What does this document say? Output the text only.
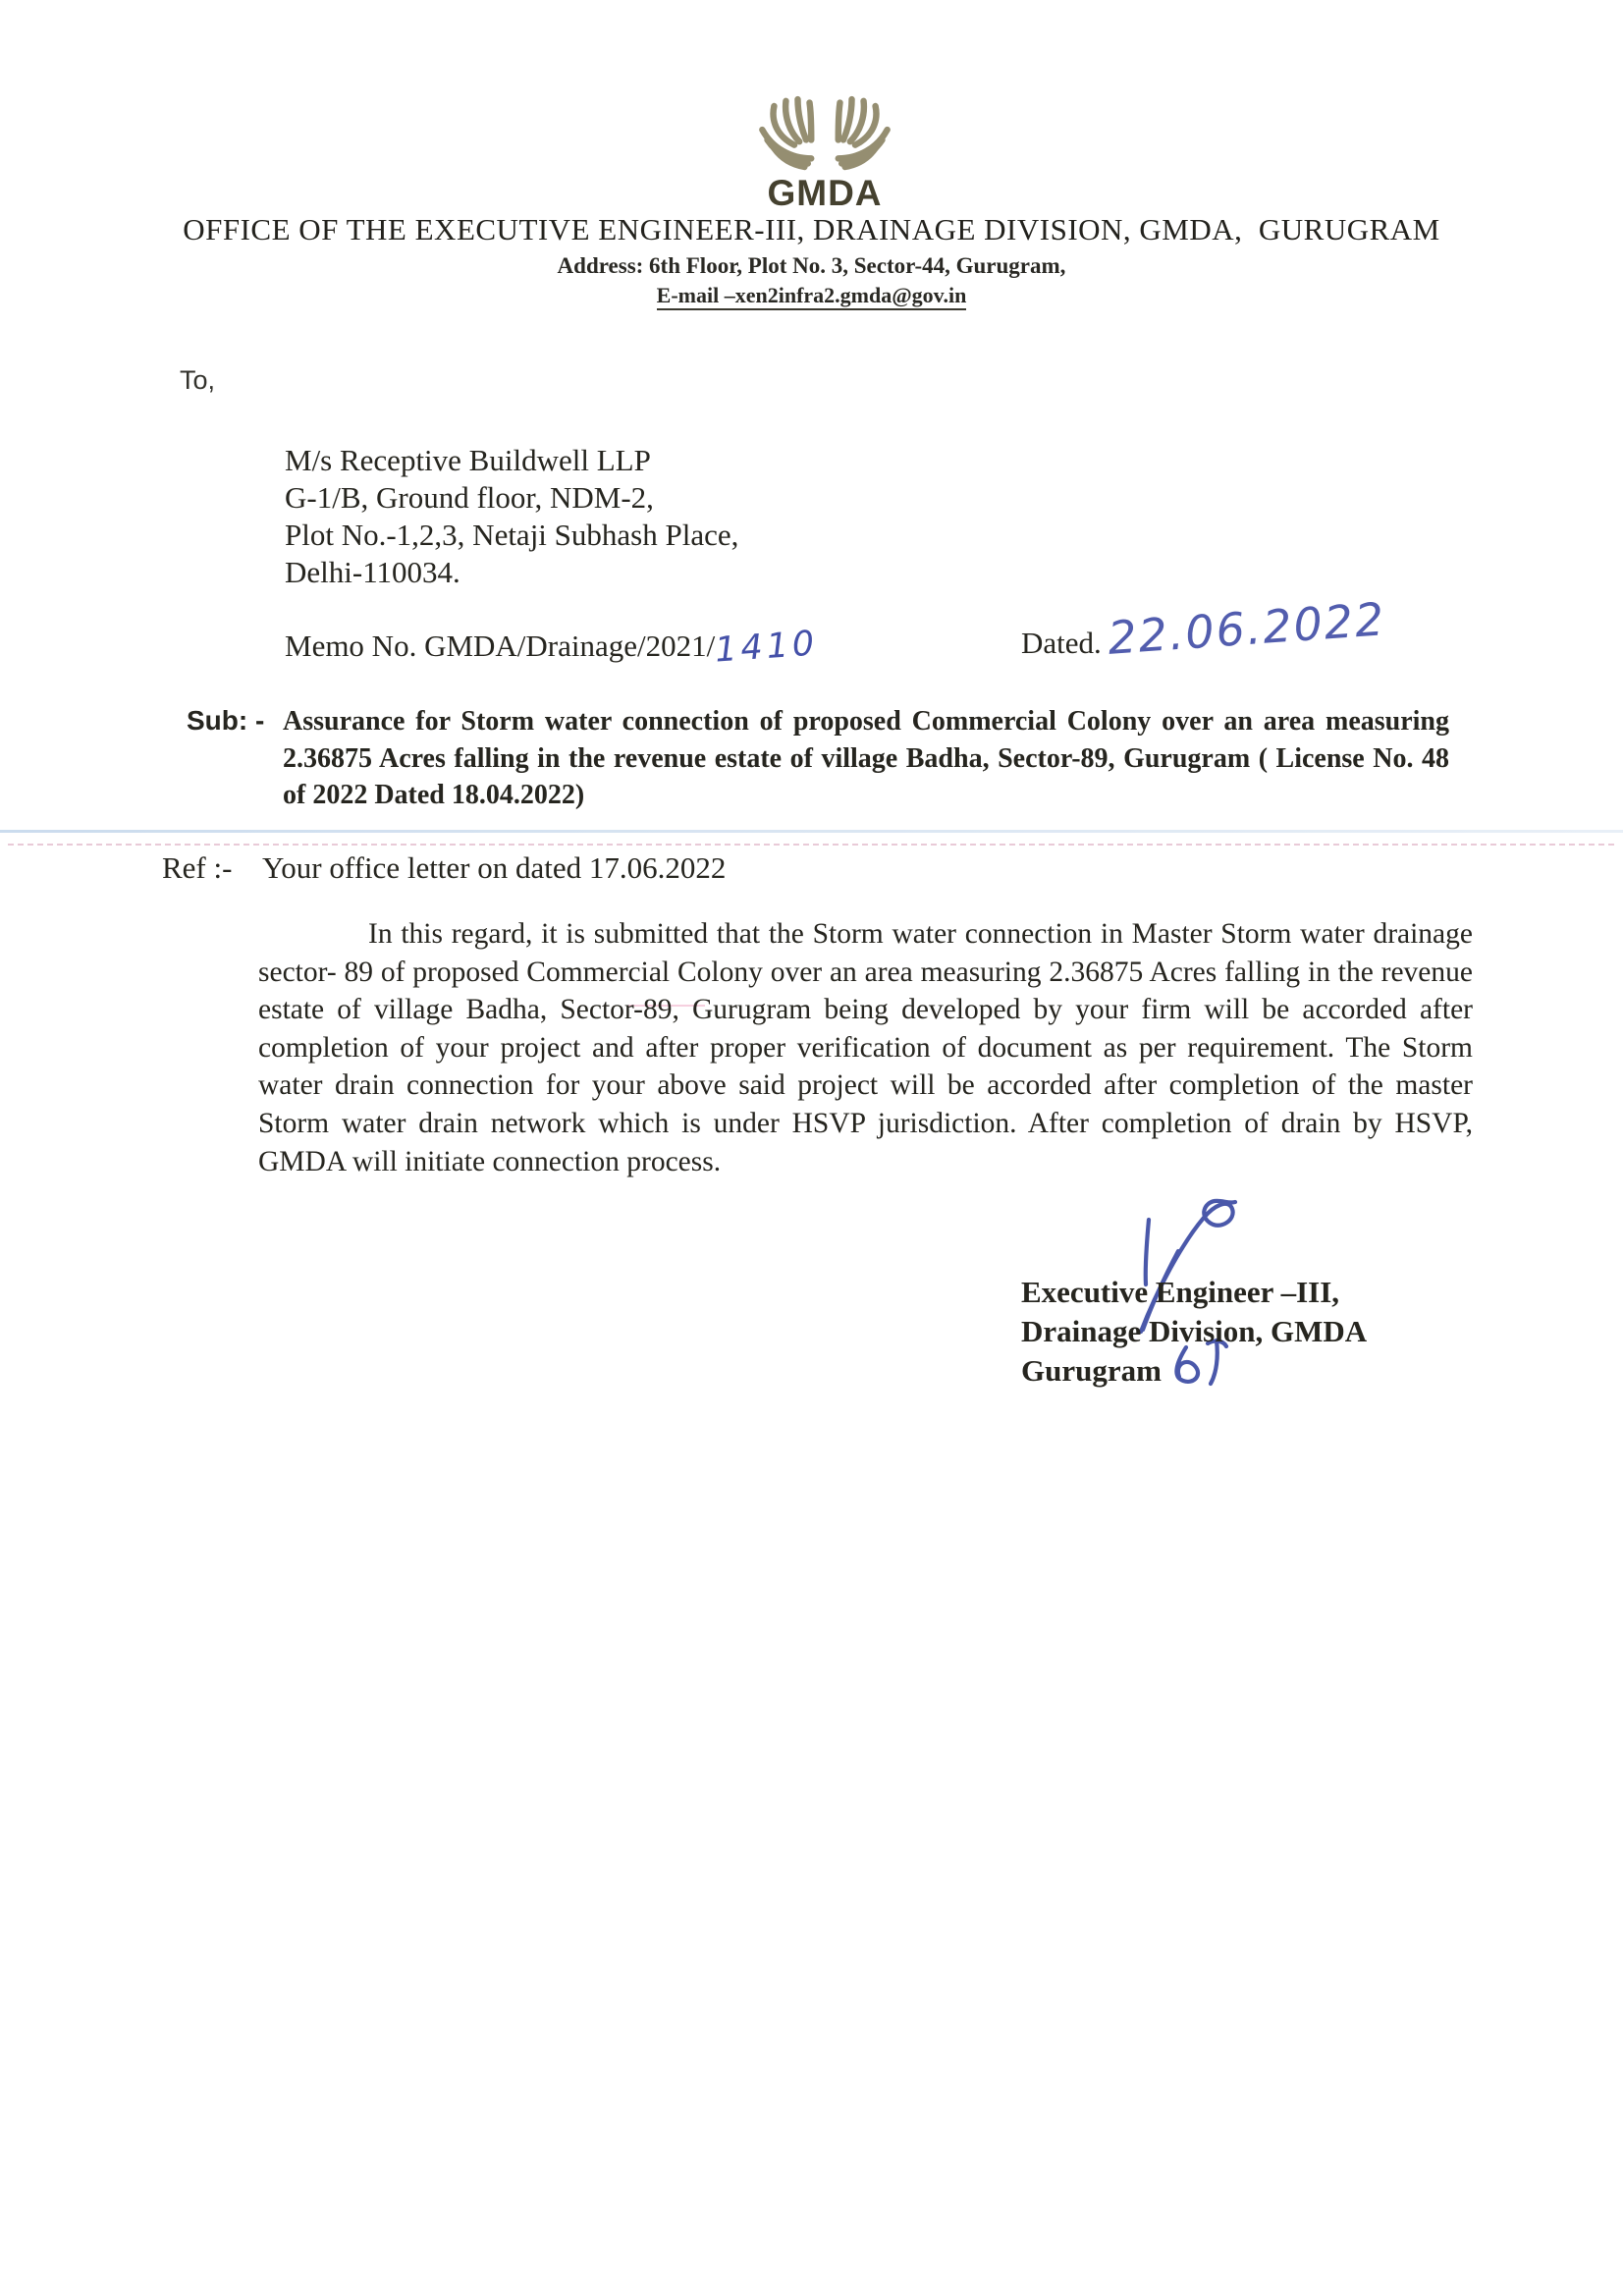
GMDA
OFFICE OF THE EXECUTIVE ENGINEER-III, DRAINAGE DIVISION, GMDA,  GURUGRAM
Address: 6th Floor, Plot No. 3, Sector-44, Gurugram,
E-mail –xen2infra2.gmda@gov.in
To,
M/s Receptive Buildwell LLP
G-1/B, Ground floor, NDM-2,
Plot No.-1,2,3, Netaji Subhash Place,
Delhi-110034.
Memo No. GMDA/Drainage/2021/1410	Dated. 22.06.2022
Sub: - Assurance for Storm water connection of proposed Commercial Colony over an area measuring 2.36875 Acres falling in the revenue estate of village Badha, Sector-89, Gurugram ( License No. 48 of 2022 Dated 18.04.2022)

Ref :- Your office letter on dated 17.06.2022

In this regard, it is submitted that the Storm water connection in Master Storm water drainage sector- 89 of proposed Commercial Colony over an area measuring 2.36875 Acres falling in the revenue estate of village Badha, Sector-89, Gurugram being developed by your firm will be accorded after completion of your project and after proper verification of document as per requirement. The Storm water drain connection for your above said project will be accorded after completion of the master Storm water drain network which is under HSVP jurisdiction. After completion of drain by HSVP, GMDA will initiate connection process.

Executive Engineer –III,
Drainage Division, GMDA
Gurugram
